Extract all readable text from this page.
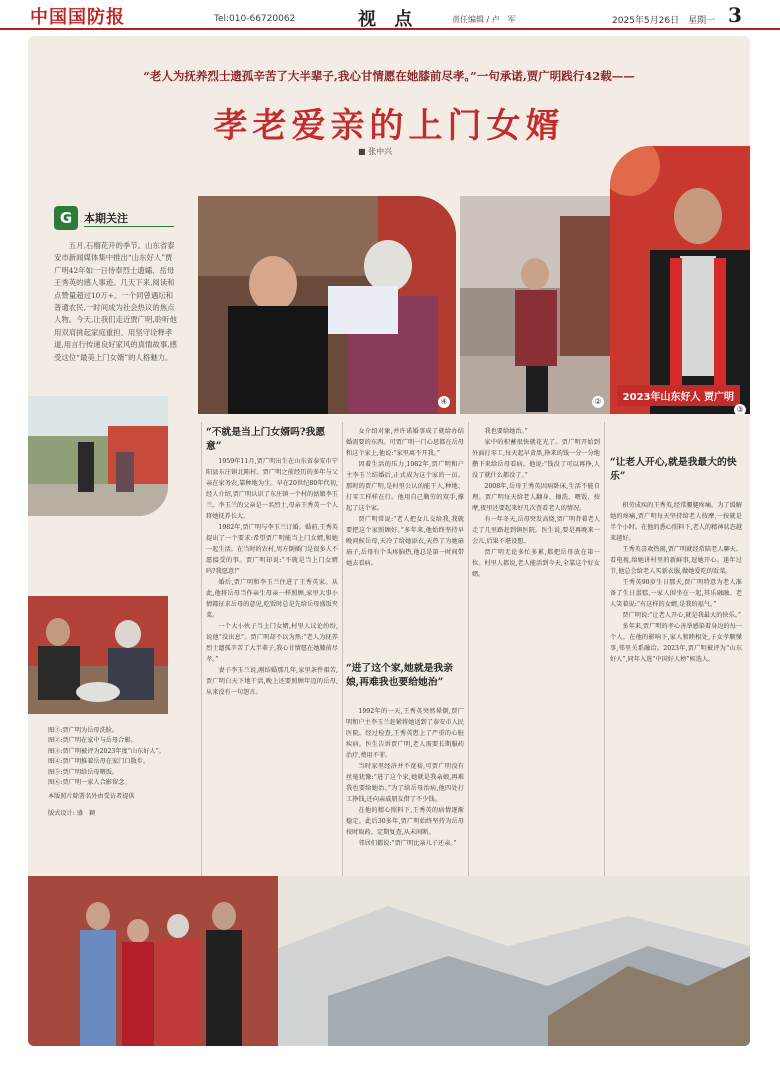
中国国防报	Tel:010-66720062	视 点	责任编辑 / 卢　军	2025年5月26日　星期一 3
“老人为抚养烈士遗孤辛苦了大半辈子,我心甘情愿在她膝前尽孝。”一句承诺,贾广明践行42载——
孝老爱亲的上门女婿
■ 张中兴
④	②	2023年山东好人 贾广明
③
G	本期关注
五月,石榴花开的季节。山东省泰安市新闻媒体集中推出“山东好人”贾广明42年如一日侍奉烈士遗孀、岳母王秀英的感人事迹。几天下来,阅读和点赞量超过10万+。一个同曾遇坛和普通农民,一时间成为社会热议的焦点人物。今天,让我们走近贾广明,聆听他用双肩挑起家庭重担、用坚守诠释孝道,用言行传递良好家风的真情故事,感受这位“最美上门女婿”的人格魅力。
“不就是当上门女婿吗?我愿意”

1959年11月,贾广明出生在山东省泰安市宁阳县东庄镇北陈村。贾广明之前经历的多年与父亲在家务农,靠种地为生。早在20世纪80年代初,经人介绍,贾广明认识了东庄镇一个村的姑娘李玉兰。李玉兰的父亲是一名烈士,母亲王秀英一个人将她抚养长大。

1982年,贾广明与李玉兰订婚。婚前,王秀英提出了一个要求:希望贾广明能当上门女婿,和她一起生活。在当时的农村,男方倒插门是很多人不愿接受的事。贾广明却说:“不就是当上门女婿吗?我愿意!”

婚后,贾广明和李玉兰住进了王秀英家。从此,他将岳母当作亲生母亲一样照顾,家里大事小情都征求岳母的意见,吃饭时总是先给岳母盛饭夹菜。

一个大小伙子当上门女婿,村里人议论纷纷,说他“没出息”。贾广明却不以为然:“老人为抚养烈士遗孤辛苦了大半辈子,我心甘情愿在她膝前尽孝。”

妻子李玉兰说,刚结婚那几年,家里条件艰苦,贾广明白天下地干活,晚上还要照顾年迈的岳母,从来没有一句怨言。

女介绍对象,并许诺婚事成了就给办结婚需要的东西。可贾广明一门心思都在岳母和这个家上,他说:“家里离不开我。”

因着生活的压力,1982年,贾广明和户主李玉兰结婚后,正式成为这个家的一员。那时的贾广明,是村里公认的能干人,种地、打零工样样在行。他用自己勤劳的双手,撑起了这个家。

贾广明常说:“老人把女儿交给我,我就要把这个家照顾好。”多年来,他始终坚持早晚问候岳母,天冷了给她添衣,天热了为她扇扇子,岳母有个头疼脑热,他总是第一时间带她去看病。

“进了这个家,她就是我亲娘,再难我也要给她治”

1992年的一天,王秀英突然晕倒,贾广明和户主李玉兰赶紧将她送到了泰安市人民医院。经过检查,王秀英患上了严重的心脏疾病。医生告诉贾广明,老人需要长期服药治疗,费用不菲。

当时家里经济并不宽裕,可贾广明没有丝毫犹豫:“进了这个家,她就是我亲娘,再难我也要给她治。”为了给岳母治病,他四处打工挣钱,还向亲戚朋友借了不少钱。

在他的精心照料下,王秀英的病情逐渐稳定。此后30多年,贾广明始终坚持为岳母按时取药、定期复查,从未间断。

邻居们都说:“贾广明比亲儿子还亲。”

我也要给她治。”

家中的积蓄很快就花光了。贾广明开始到外面打零工,每天起早贪黑,挣来的钱一分一分地攒下来给岳母看病。他说:“钱没了可以再挣,人没了就什么都没了。”

2008年,岳母王秀英因病卧床,生活不能自理。贾广明每天给老人翻身、擦洗、喂饭、按摩,夜里还要起来好几次查看老人的情况。

有一年冬天,岳母突发高烧,贾广明背着老人走了几里路赶到镇医院。医生说,要是再晚来一会儿,后果不堪设想。

贾广明无论多忙多累,都把岳母放在第一位。村里人都说,老人能活到今天,全靠这个好女婿。

“让老人开心,就是我最大的快乐”

积劳成疾的王秀英,经常腰腿疼痛。为了缓解她的疼痛,贾广明每天坚持给老人按摩,一按就是半个小时。在他的悉心照料下,老人的精神状态越来越好。

王秀英喜欢热闹,贾广明就经常陪老人聊天、看电视,给她讲村里的新鲜事,逗她开心。逢年过节,他总会给老人买新衣服,做她爱吃的饭菜。

王秀英90岁生日那天,贾广明特意为老人准备了生日蛋糕,一家人围坐在一起,其乐融融。老人笑着说:“有这样的女婿,是我的福气。”

贾广明说:“让老人开心,就是我最大的快乐。”

多年来,贾广明的孝心善举感染着身边的每一个人。在他的影响下,家人和睦相处,子女孝顺懂事,邻里关系融洽。2023年,贾广明被评为“山东好人”,同年入选“中国好人榜”候选人。

图①:贾广明为岳母洗脸。
图②:贾广明在家中与岳母合影。
图③:贾广明被评为2023年度“山东好人”。
图④:贾广明推着岳母在家门口散步。
图⑤:贾广明给岳母喂饭。
图⑥:贾广明一家人合影留念。
本版照片除署名外由受访者提供
版式设计: 盛　颖
